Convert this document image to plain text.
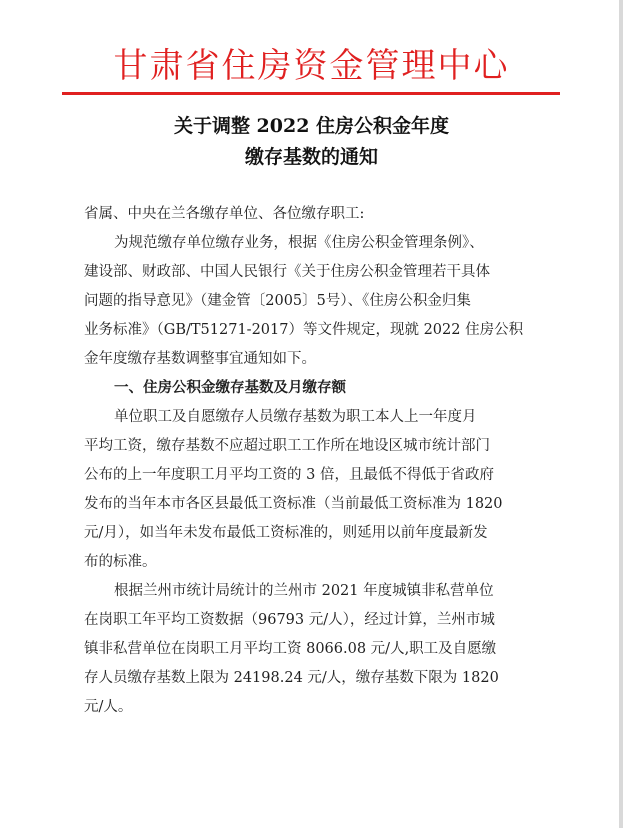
甘肃省住房资金管理中心
关于调整 2022 住房公积金年度
缴存基数的通知

省属、中央在兰各缴存单位、各位缴存职工:

为规范缴存单位缴存业务，根据《住房公积金管理条例》、

建设部、财政部、中国人民银行《关于住房公积金管理若干具体

问题的指导意见》（建金管〔2005〕5号）、《住房公积金归集

业务标准》（GB/T51271-2017）等文件规定，现就 2022 住房公积

金年度缴存基数调整事宜通知如下。

一、住房公积金缴存基数及月缴存额

单位职工及自愿缴存人员缴存基数为职工本人上一年度月

平均工资，缴存基数不应超过职工工作所在地设区城市统计部门

公布的上一年度职工月平均工资的 3 倍，且最低不得低于省政府

发布的当年本市各区县最低工资标准（当前最低工资标准为 1820

元/月），如当年未发布最低工资标准的，则延用以前年度最新发

布的标准。

根据兰州市统计局统计的兰州市 2021 年度城镇非私营单位

在岗职工年平均工资数据（96793 元/人），经过计算，兰州市城

镇非私营单位在岗职工月平均工资 8066.08 元/人,职工及自愿缴

存人员缴存基数上限为 24198.24 元/人，缴存基数下限为 1820

元/人。
